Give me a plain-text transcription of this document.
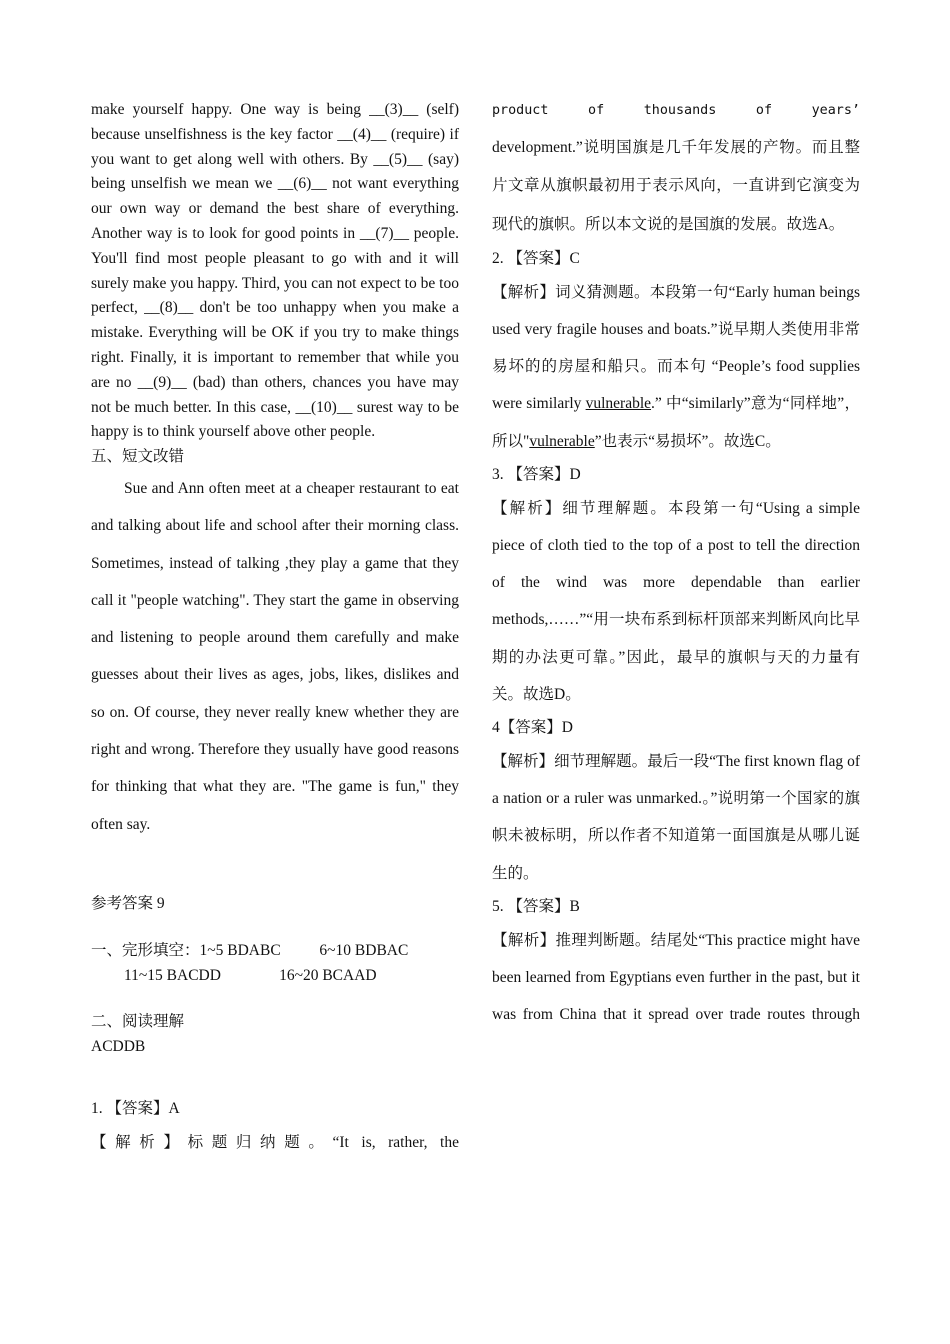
make yourself happy. One way is being __(3)__ (self) because unselfishness is the key factor __(4)__ (require) if you want to get along well with others. By __(5)__ (say) being unselfish we mean we __(6)__ not want everything our own way or demand the best share of everything. Another way is to look for good points in __(7)__ people. You'll find most people pleasant to go with and it will surely make you happy. Third, you can not expect to be too perfect, __(8)__ don't be too unhappy when you make a mistake. Everything will be OK if you try to make things right. Finally, it is important to remember that while you are no __(9)__ (bad) than others, chances you have may not be much better. In this case, __(10)__ surest way to be happy is to think yourself above other people.

五、短文改错

Sue and Ann often meet at a cheaper restaurant to eat and talking about life and school after their morning class. Sometimes, instead of talking ,they play a game that they call it "people watching". They start the game in observing and listening to people around them carefully and make guesses about their lives as ages, jobs, likes, dislikes and so on. Of course, they never really knew whether they are right and wrong. Therefore they usually have good reasons for thinking that what they are. "The game is fun," they often say.

参考答案 9

一、完形填空：1~5 BDABC          6~10 BDBAC

11~15 BACDD               16~20 BCAAD

二、阅读理解

ACDDB

1. 【答案】A

【解析】标题归纳题。“It is, rather, the

product of thousands of years’
development.”说明国旗是几千年发展的产物。而且整片文章从旗帜最初用于表示风向，一直讲到它演变为现代的旗帜。所以本文说的是国旗的发展。故选A。

2. 【答案】C

【解析】词义猜测题。本段第一句“Early human beings used very fragile houses and boats.”说早期人类使用非常易坏的的房屋和船只。而本句 “People’s food supplies were similarly vulnerable.” 中“similarly”意为“同样地”，所以"vulnerable”也表示“易损坏”。故选C。

3. 【答案】D

【解析】细节理解题。本段第一句“Using a simple piece of cloth tied to the top of a post to tell the direction of the wind was more dependable than earlier methods,……”“用一块布系到标杆顶部来判断风向比早期的办法更可靠。”因此，最早的旗帜与天的力量有关。故选D。

4【答案】D

【解析】细节理解题。最后一段“The first known flag of a nation or a ruler was unmarked.。”说明第一个国家的旗帜未被标明，所以作者不知道第一面国旗是从哪儿诞生的。

5. 【答案】B

【解析】推理判断题。结尾处“This practice might have been learned from Egyptians even further in the past, but it was from China that it spread over trade routes through
